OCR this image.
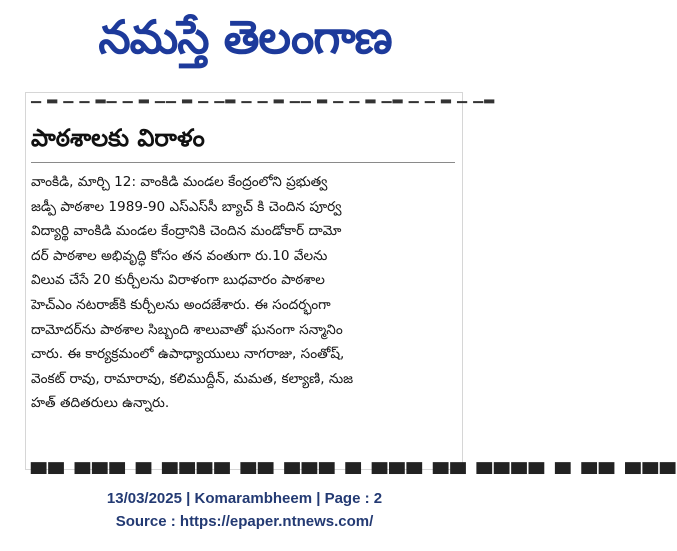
నమస్తే తెలంగాణ
▁ ▂ ▁ ▁ ▂▁ ▁ ▂ ▁▁ ▂ ▁ ▁▂ ▁ ▁ ▂ ▁▁ ▂ ▁ ▁ ▂ ▁▂ ▁ ▁ ▂ ▁ ▁▂
పాఠశాలకు విరాళం
వాంకిడి, మార్చి 12: వాంకిడి మండల కేంద్రంలోని ప్రభుత్వ
జడ్పీ పాఠశాల 1989-90 ఎస్‌ఎస్‌సీ బ్యాచ్ కి చెందిన పూర్వ
విద్యార్థి వాంకిడి మండల కేంద్రానికి చెందిన మండోకార్ దామో
దర్ పాఠశాల అభివృద్ధి కోసం తన వంతుగా రు.10 వేలను
విలువ చేసే 20 కుర్చీలను విరాళంగా బుధవారం పాఠశాల
హెచ్‌ఎం నటరాజ్‌కి కుర్చీలను అందజేశారు. ఈ సందర్భంగా
దామోదర్‌ను పాఠశాల సిబ్బంది శాలువాతో ఘనంగా సన్మానిం
చారు. ఈ కార్యక్రమంలో ఉపాధ్యాయులు నాగరాజు, సంతోష్,
వెంకట్ రావు, రామారావు, కలిముద్దీన్, మమత, కల్యాణి, నుజ
హత్ తదితరులు ఉన్నారు.
▀▀ ▀▀▀ ▀ ▀▀▀▀ ▀▀ ▀▀▀ ▀ ▀▀▀ ▀▀ ▀▀▀▀ ▀ ▀▀ ▀▀▀
13/03/2025 | Komarambheem | Page : 2
Source : https://epaper.ntnews.com/
